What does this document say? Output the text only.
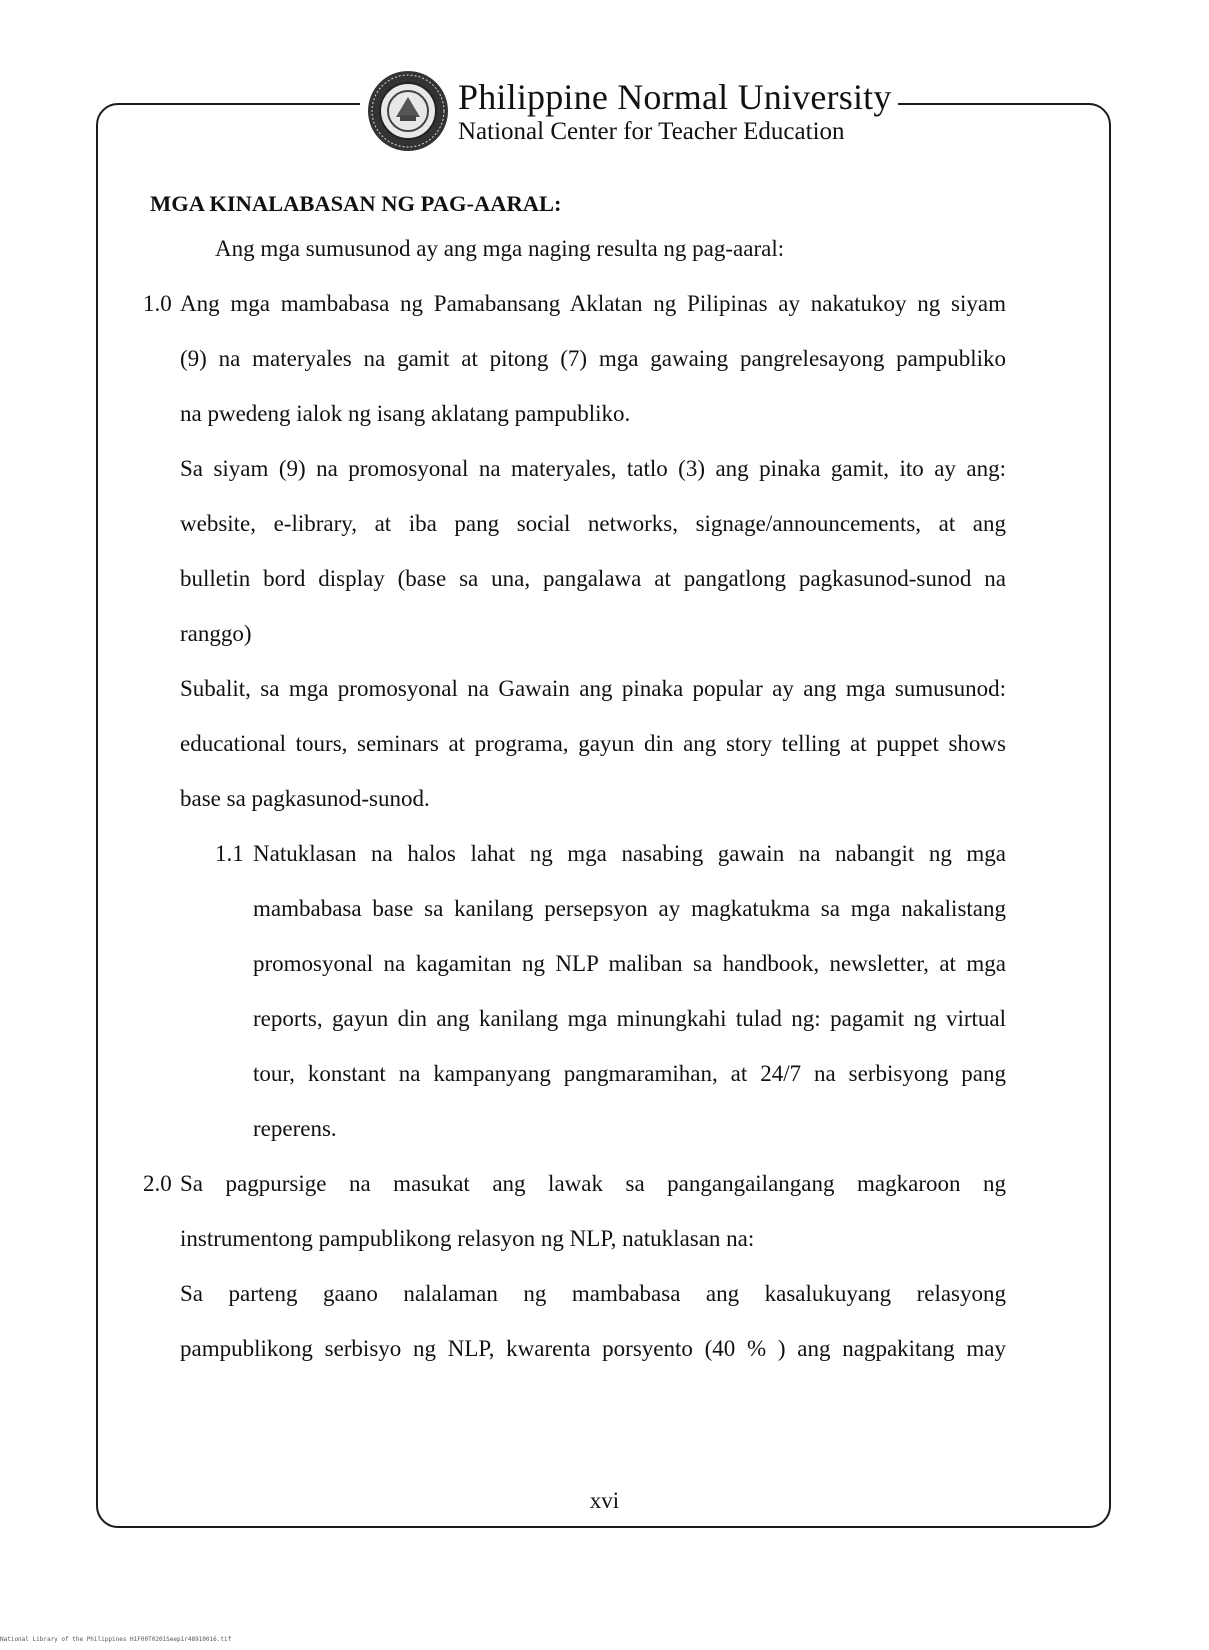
Philippine Normal University
National Center for Teacher Education
MGA KINALABASAN NG PAG-AARAL:
Ang mga sumusunod ay ang mga naging resulta ng pag-aaral:
1.0 Ang mga mambabasa ng Pamabansang Aklatan ng Pilipinas ay nakatukoy ng siyam
(9) na materyales na gamit at pitong (7) mga gawaing pangrelesayong pampubliko
na pwedeng ialok ng isang aklatang pampubliko.
Sa siyam (9) na promosyonal na materyales, tatlo (3) ang pinaka gamit, ito ay ang:
website, e-library, at iba pang social networks, signage/announcements, at ang
bulletin bord display (base sa una, pangalawa at pangatlong pagkasunod-sunod na
ranggo)
Subalit, sa mga promosyonal na Gawain ang pinaka popular ay ang mga sumusunod:
educational tours, seminars at programa, gayun din ang story telling at puppet shows
base sa pagkasunod-sunod.
1.1 Natuklasan na halos lahat ng mga nasabing gawain na nabangit ng mga
mambabasa base sa kanilang persepsyon ay magkatukma sa mga nakalistang
promosyonal na kagamitan ng NLP maliban sa handbook, newsletter, at mga
reports, gayun din ang kanilang mga minungkahi tulad ng: pagamit ng virtual
tour, konstant na kampanyang pangmaramihan, at 24/7 na serbisyong pang
reperens.
2.0 Sa pagpursige na masukat ang lawak sa pangangailangang magkaroon ng
instrumentong pampublikong relasyon ng NLP, natuklasan na:
Sa parteng gaano nalalaman ng mambabasa ang kasalukuyang relasyong
pampublikong serbisyo ng NLP, kwarenta porsyento (40 % ) ang nagpakitang may
xvi
National Library of the Philippines H1F00T0201Seep1r48910016.tif
